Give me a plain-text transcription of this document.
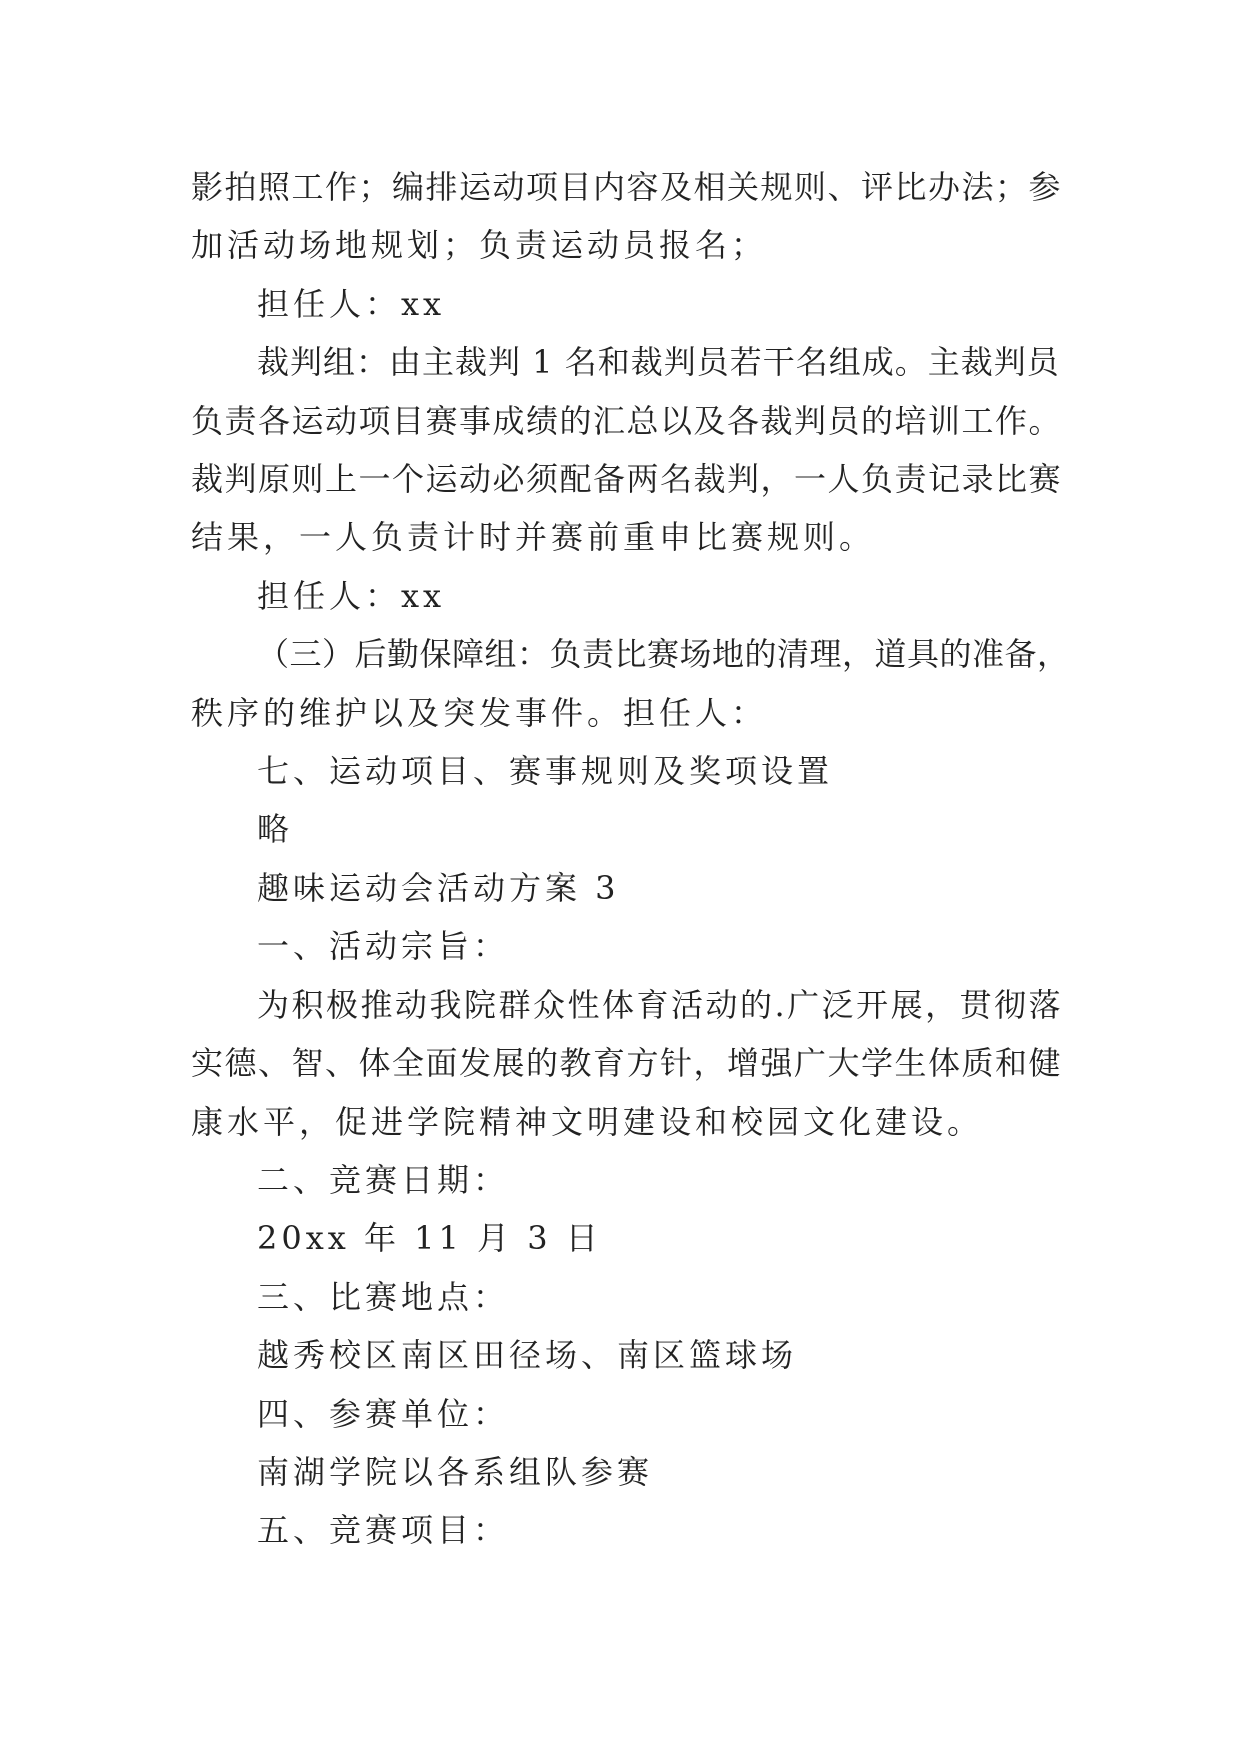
影拍照工作；编排运动项目内容及相关规则、评比办法；参

加活动场地规划；负责运动员报名；

担任人：xx

裁判组：由主裁判 1 名和裁判员若干名组成。主裁判员

负责各运动项目赛事成绩的汇总以及各裁判员的培训工作。

裁判原则上一个运动必须配备两名裁判，一人负责记录比赛

结果，一人负责计时并赛前重申比赛规则。

担任人：xx

（三）后勤保障组：负责比赛场地的清理，道具的准备，

秩序的维护以及突发事件。担任人：

七、运动项目、赛事规则及奖项设置

略

趣味运动会活动方案 3

一、活动宗旨：

为积极推动我院群众性体育活动的.广泛开展，贯彻落

实德、智、体全面发展的教育方针，增强广大学生体质和健

康水平，促进学院精神文明建设和校园文化建设。

二、竞赛日期：

20xx 年 11 月 3 日

三、比赛地点：

越秀校区南区田径场、南区篮球场

四、参赛单位：

南湖学院以各系组队参赛

五、竞赛项目：
